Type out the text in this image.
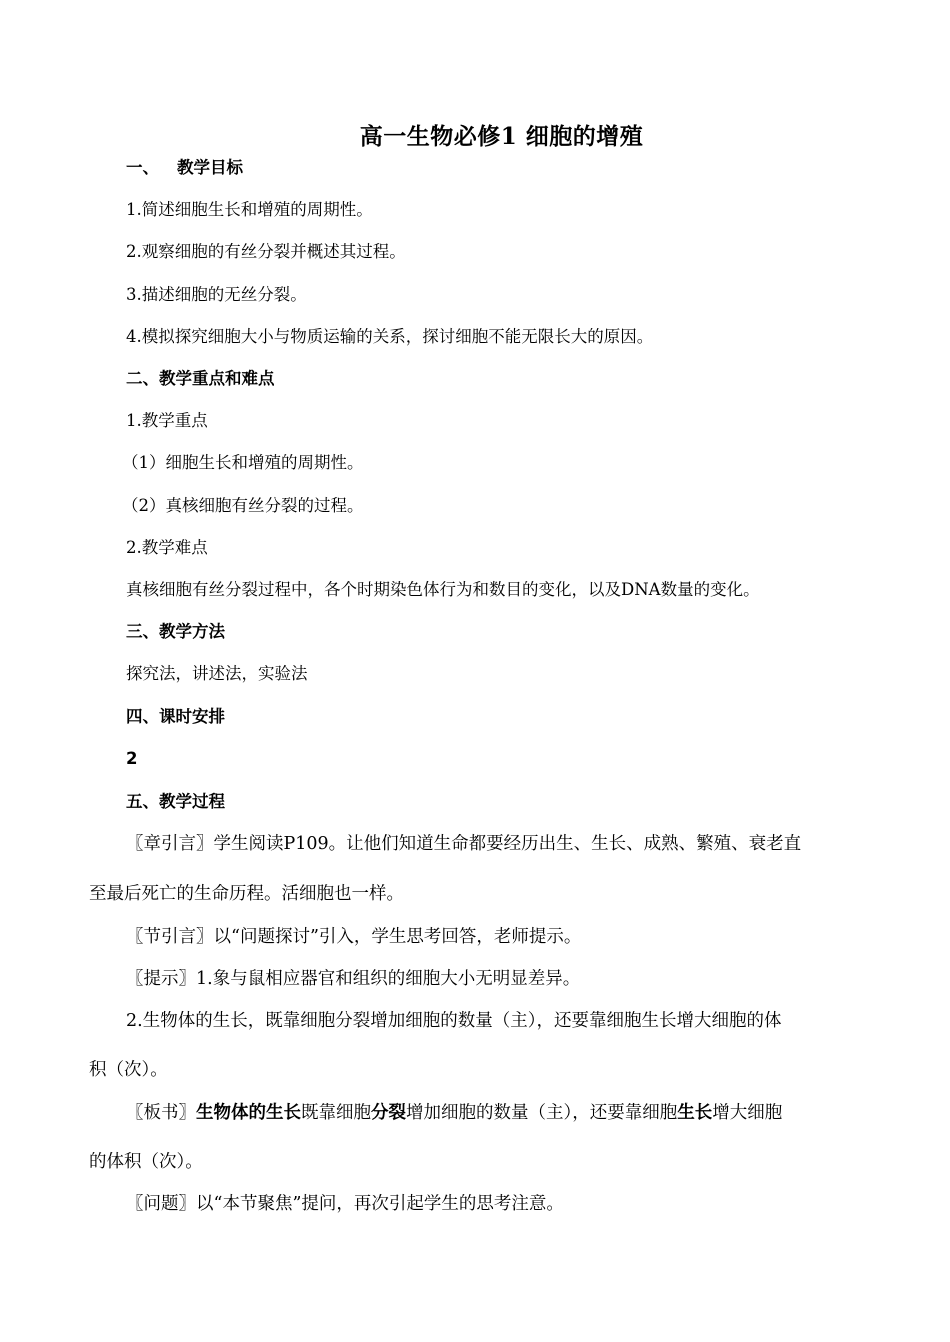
高一生物必修1 细胞的增殖
一、 教学目标
1.简述细胞生长和增殖的周期性。
2.观察细胞的有丝分裂并概述其过程。
3.描述细胞的无丝分裂。
4.模拟探究细胞大小与物质运输的关系，探讨细胞不能无限长大的原因。
二、教学重点和难点
1.教学重点
（1）细胞生长和增殖的周期性。
（2）真核细胞有丝分裂的过程。
2.教学难点
真核细胞有丝分裂过程中，各个时期染色体行为和数目的变化，以及DNA数量的变化。
三、教学方法
探究法，讲述法，实验法
四、课时安排
2
五、教学过程
〖章引言〗学生阅读P109。让他们知道生命都要经历出生、生长、成熟、繁殖、衰老直
至最后死亡的生命历程。活细胞也一样。
〖节引言〗以“问题探讨”引入，学生思考回答，老师提示。
〖提示〗1.象与鼠相应器官和组织的细胞大小无明显差异。
2.生物体的生长，既靠细胞分裂增加细胞的数量（主），还要靠细胞生长增大细胞的体
积（次）。
〖板书〗生物体的生长既靠细胞分裂增加细胞的数量（主），还要靠细胞生长增大细胞
的体积（次）。
〖问题〗以“本节聚焦”提问，再次引起学生的思考注意。
